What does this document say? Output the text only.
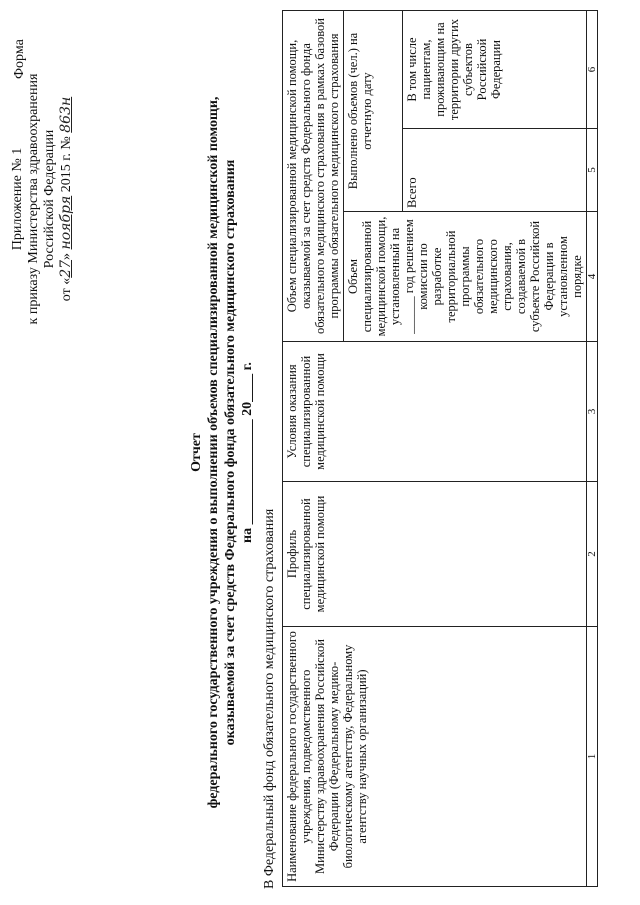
Приложение № 1 к приказу Министерства здравоохранения Российской Федерации
от «27» ноября 2015 г. № 863н
Форма
Отчет федерального государственного учреждения о выполнении объемов специализированной медицинской помощи, оказываемой за счет средств Федерального фонда обязательного медицинского страхования на _______________ 20____ г.
В Федеральный фонд обязательного медицинского страхования Наименование федерального государственного учреждения, подведомственного Министерству здравоохранения Российской Федерации (Федеральному медико-биологическому агентству, Федеральному агентству научных организаций)	Профиль специализированной медицинской помощи	Условия оказания специализированной медицинской помощи	Объем специализированной медицинской помощи, оказываемой за счет средств Федерального фонда обязательного медицинского страхования в рамках базовой программы обязательного медицинского страхования		
			Объем специализированной медицинской помощи, установленный на ______ год решением комиссии по разработке территориальной программы обязательного медицинского страхования, создаваемой в субъекте Российской Федерации в установленном порядке	Выполнено объемов (чел.) на отчетную дату	
				Всего	В том числе пациентам, проживающим на территории других субъектов Российской Федерации
1	2	3	4	5	6
